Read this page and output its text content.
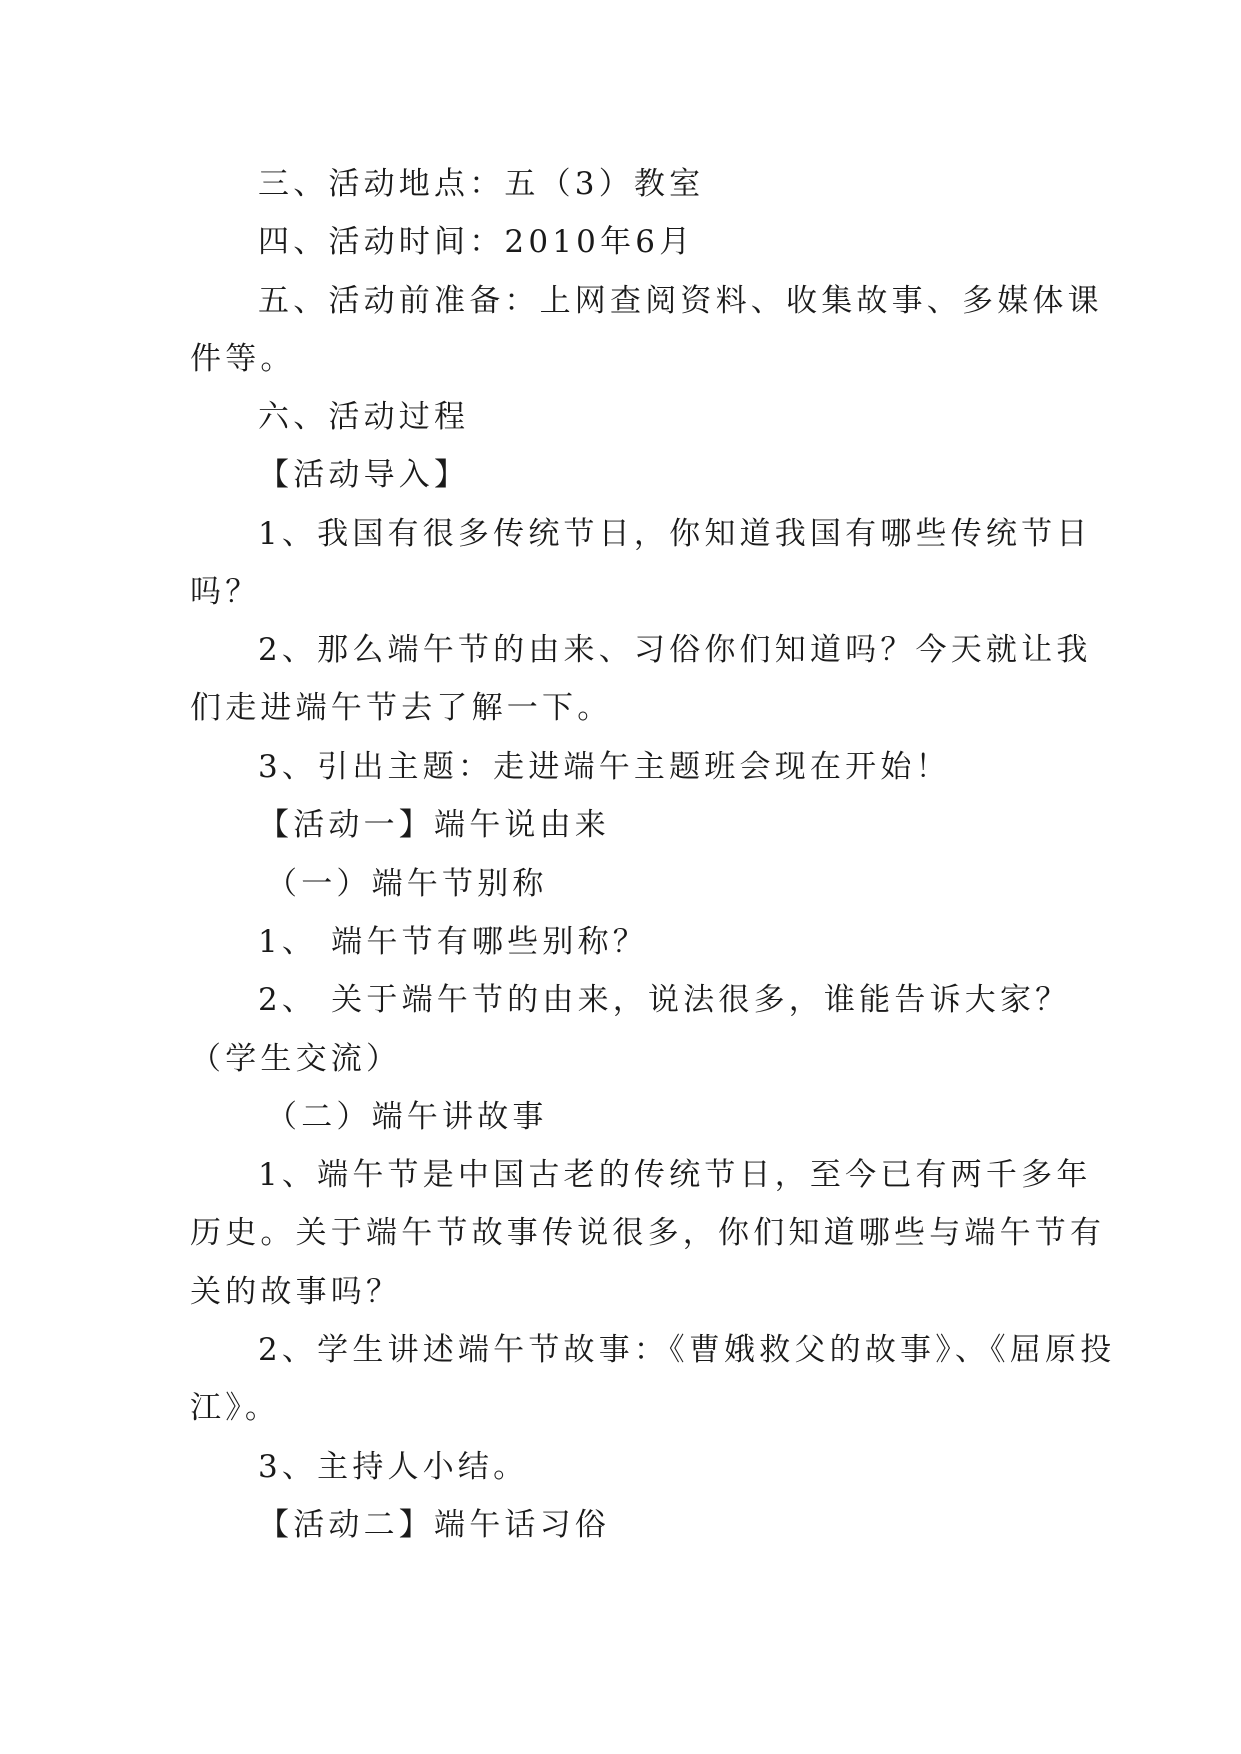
三、活动地点：五（3）教室
四、活动时间：2010年6月
五、活动前准备：上网查阅资料、收集故事、多媒体课
件等。
六、活动过程
【活动导入】
1、我国有很多传统节日，你知道我国有哪些传统节日
吗？
2、那么端午节的由来、习俗你们知道吗？今天就让我
们走进端午节去了解一下。
3、引出主题：走进端午主题班会现在开始！
【活动一】端午说由来
（一）端午节别称
1、 端午节有哪些别称？
2、 关于端午节的由来，说法很多，谁能告诉大家？
（学生交流）
（二）端午讲故事
1、端午节是中国古老的传统节日，至今已有两千多年
历史。关于端午节故事传说很多，你们知道哪些与端午节有
关的故事吗？
2、学生讲述端午节故事：《曹娥救父的故事》、《屈原投
江》。
3、主持人小结。
【活动二】端午话习俗
